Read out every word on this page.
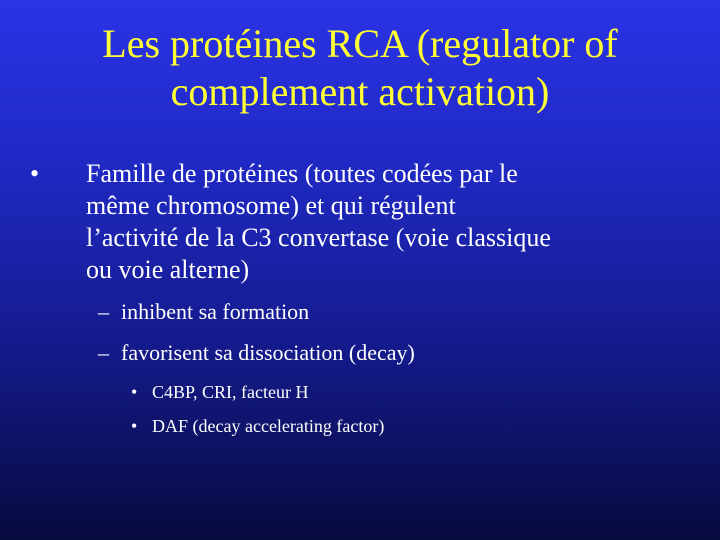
Les protéines RCA (regulator of
complement activation)
• Famille de protéines (toutes codées par le
même chromosome) et qui régulent
l’activité de la C3 convertase (voie classique
ou voie alterne)
– inhibent sa formation
– favorisent sa dissociation (decay)
• C4BP, CRI, facteur H
• DAF (decay accelerating factor)
